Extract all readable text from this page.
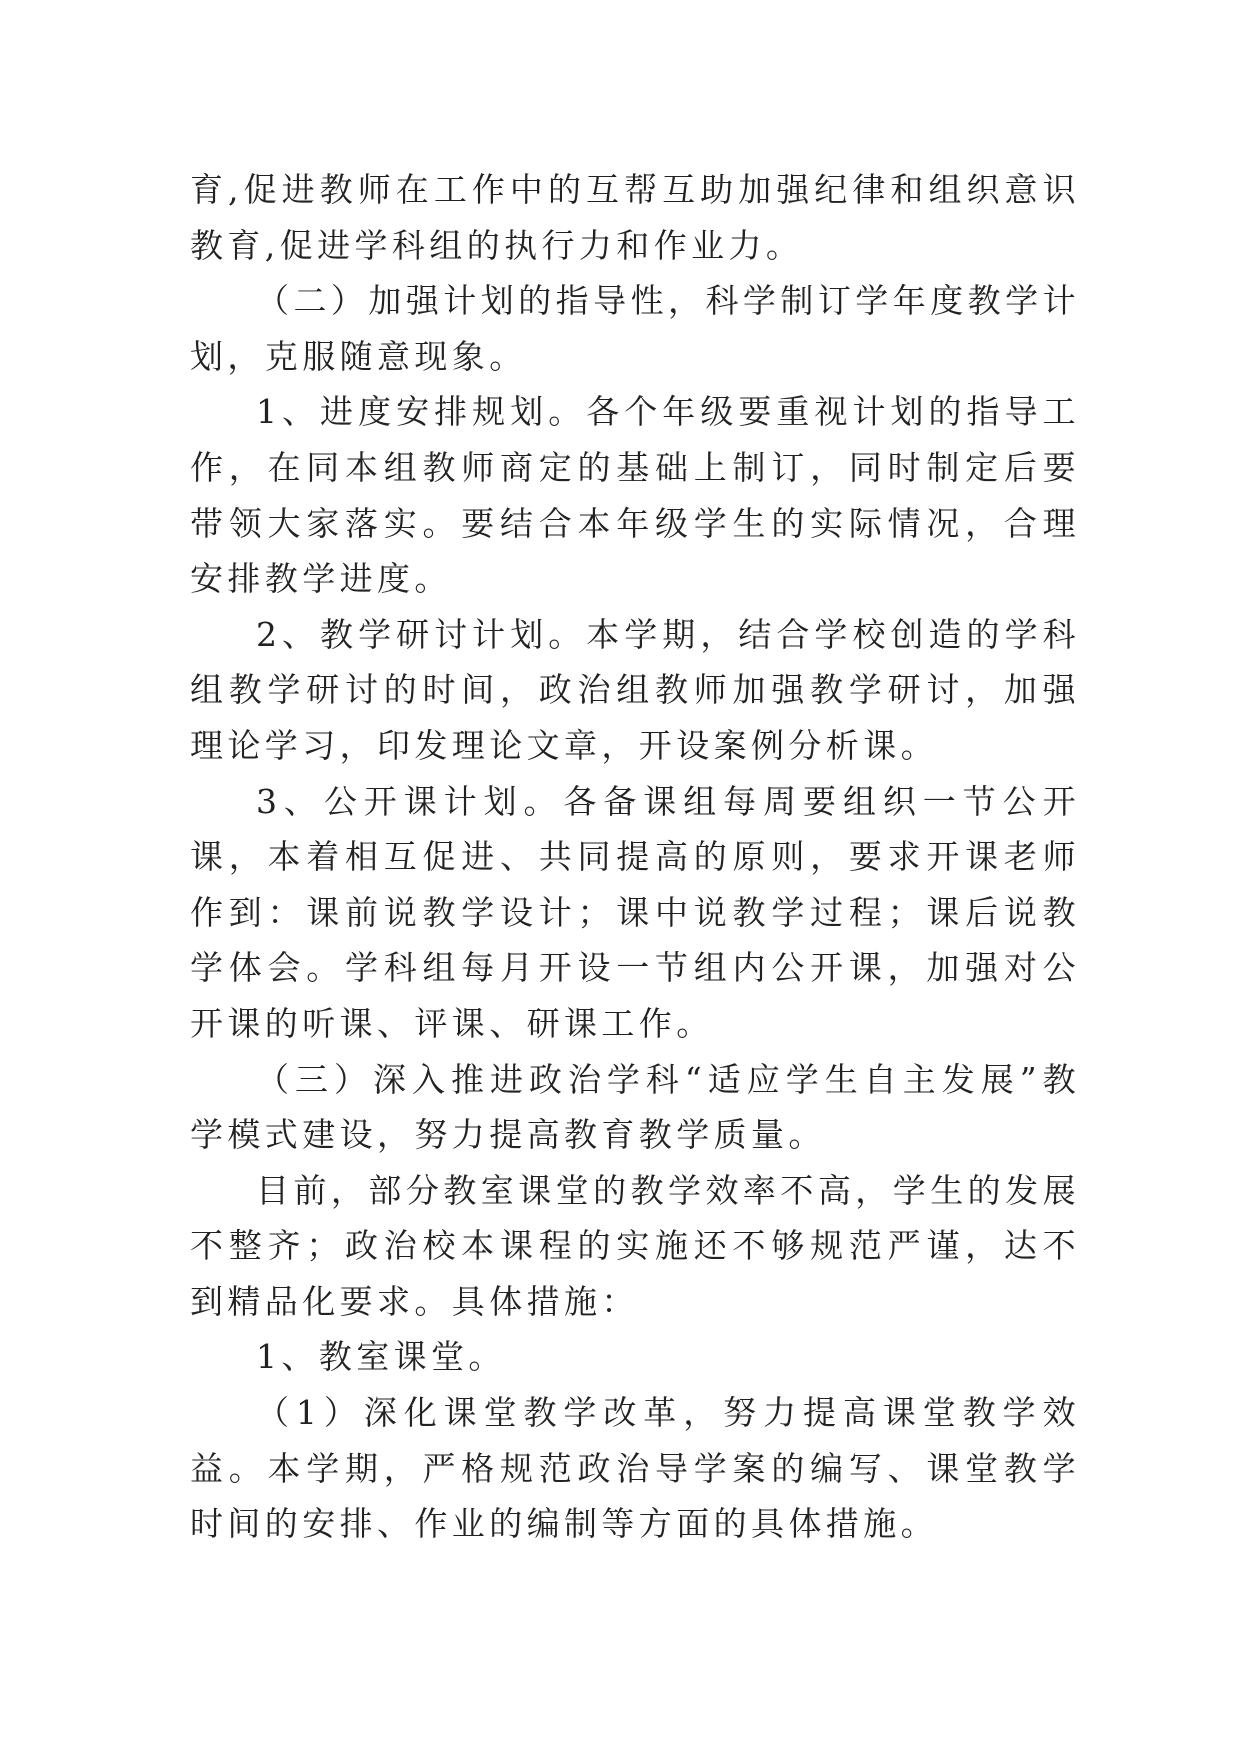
育,促进教师在工作中的互帮互助加强纪律和组织意识教育,促进学科组的执行力和作业力。

（二）加强计划的指导性，科学制订学年度教学计划，克服随意现象。

1、进度安排规划。各个年级要重视计划的指导工作，在同本组教师商定的基础上制订，同时制定后要带领大家落实。要结合本年级学生的实际情况，合理安排教学进度。

2、教学研讨计划。本学期，结合学校创造的学科组教学研讨的时间，政治组教师加强教学研讨，加强理论学习，印发理论文章，开设案例分析课。

3、公开课计划。各备课组每周要组织一节公开课，本着相互促进、共同提高的原则，要求开课老师作到：课前说教学设计；课中说教学过程；课后说教学体会。学科组每月开设一节组内公开课，加强对公开课的听课、评课、研课工作。

（三）深入推进政治学科“适应学生自主发展”教学模式建设，努力提高教育教学质量。

目前，部分教室课堂的教学效率不高，学生的发展不整齐；政治校本课程的实施还不够规范严谨，达不到精品化要求。具体措施：

1、教室课堂。

（1）深化课堂教学改革，努力提高课堂教学效益。本学期，严格规范政治导学案的编写、课堂教学时间的安排、作业的编制等方面的具体措施。
